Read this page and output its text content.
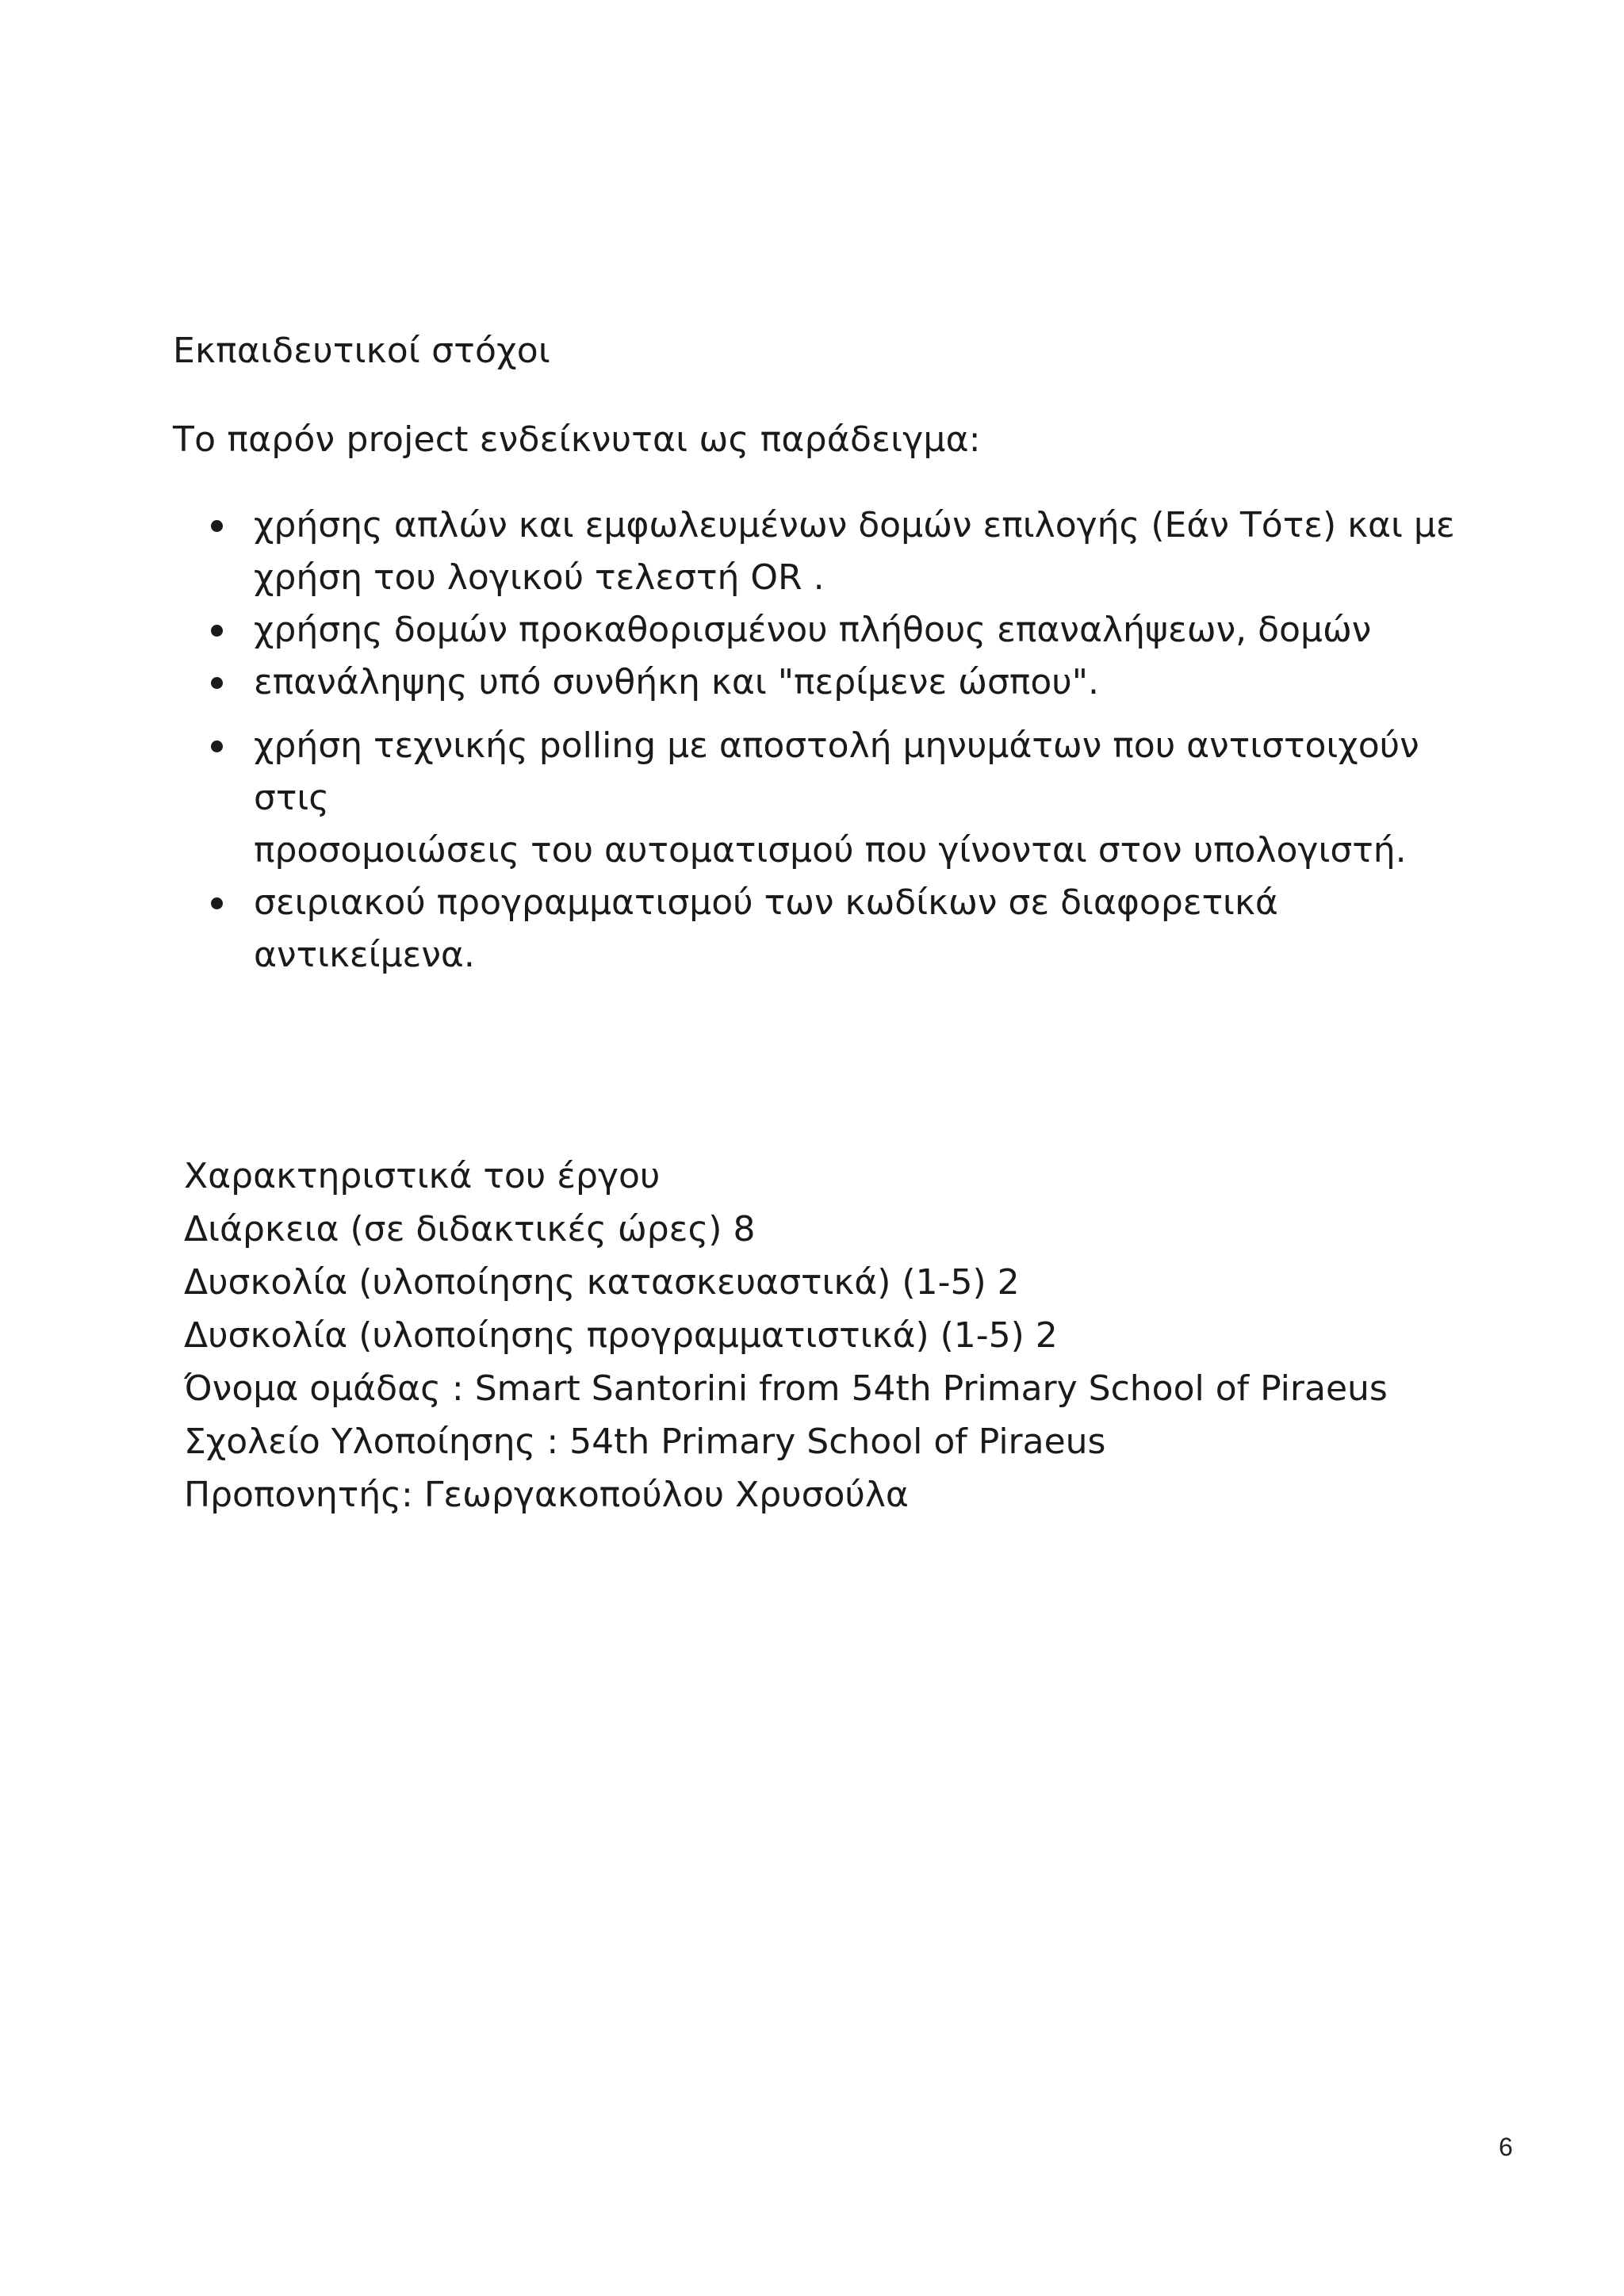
Εκπαιδευτικοί στόχοι
Το παρόν project ενδείκνυται ως παράδειγμα:
χρήσης απλών και εμφωλευμένων δομών επιλογής (Εάν Τότε) και με
χρήση του λογικού τελεστή OR .
χρήσης δομών προκαθορισμένου πλήθους επαναλήψεων, δομών
επανάληψης υπό συνθήκη και "περίμενε ώσπου".
χρήση τεχνικής polling με αποστολή μηνυμάτων που αντιστοιχούν στις
προσομοιώσεις του αυτοματισμού που γίνονται στον υπολογιστή.
σειριακού προγραμματισμού των κωδίκων σε διαφορετικά αντικείμενα.
Χαρακτηριστικά του έργου
Διάρκεια (σε διδακτικές ώρες) 8
Δυσκολία (υλοποίησης κατασκευαστικά) (1-5) 2
Δυσκολία (υλοποίησης προγραμματιστικά) (1-5) 2
Όνομα ομάδας : Smart Santorini from 54th Primary School of Piraeus
Σχολείο Υλοποίησης : 54th Primary School of Piraeus
Προπονητής: Γεωργακοπούλου Χρυσούλα
6
